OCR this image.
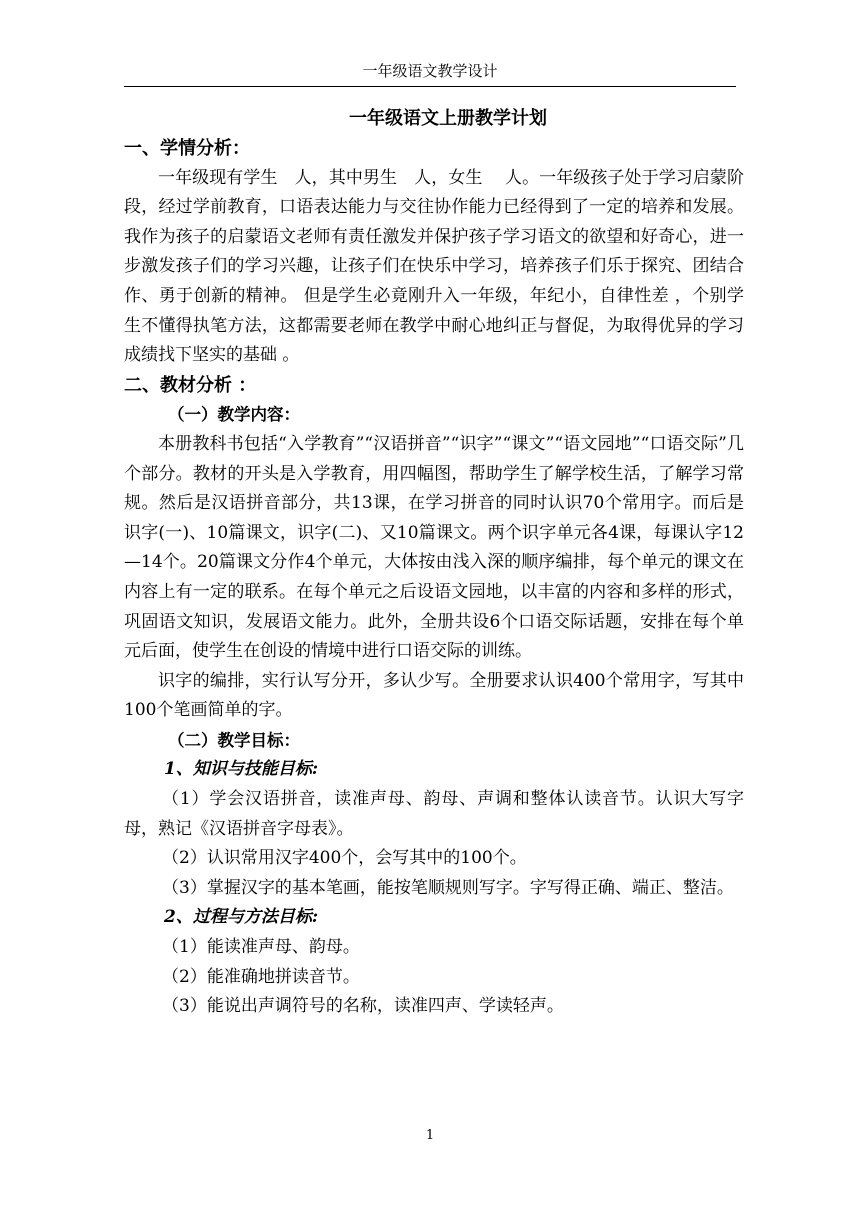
一年级语文教学设计
一年级语文上册教学计划

一、学情分析：

一年级现有学生　人，其中男生　人，女生　 人。一年级孩子处于学习启蒙阶段，经过学前教育，口语表达能力与交往协作能力已经得到了一定的培养和发展。我作为孩子的启蒙语文老师有责任激发并保护孩子学习语文的欲望和好奇心，进一步激发孩子们的学习兴趣，让孩子们在快乐中学习，培养孩子们乐于探究、团结合作、勇于创新的精神。 但是学生必竟刚升入一年级，年纪小，自律性差 ，个别学生不懂得执笔方法，这都需要老师在教学中耐心地纠正与督促，为取得优异的学习成绩找下坚实的基础 。

二、教材分析 ：

（一）教学内容：

本册教科书包括“入学教育”“汉语拼音”“识字”“课文”“语文园地”“口语交际”几个部分。教材的开头是入学教育，用四幅图，帮助学生了解学校生活，了解学习常规。然后是汉语拼音部分，共13课，在学习拼音的同时认识70个常用字。而后是识字(一)、10篇课文，识字(二)、又10篇课文。两个识字单元各4课，每课认字12—14个。20篇课文分作4个单元，大体按由浅入深的顺序编排，每个单元的课文在内容上有一定的联系。在每个单元之后设语文园地，以丰富的内容和多样的形式，巩固语文知识，发展语文能力。此外，全册共设6个口语交际话题，安排在每个单元后面，使学生在创设的情境中进行口语交际的训练。

识字的编排，实行认写分开，多认少写。全册要求认识400个常用字，写其中100个笔画简单的字。

（二）教学目标：

1、知识与技能目标:

（1）学会汉语拼音，读准声母、韵母、声调和整体认读音节。认识大写字母，熟记《汉语拼音字母表》。

（2）认识常用汉字400个，会写其中的100个。

（3）掌握汉字的基本笔画，能按笔顺规则写字。字写得正确、端正、整洁。

2、过程与方法目标:

（1）能读准声母、韵母。

（2）能准确地拼读音节。

（3）能说出声调符号的名称，读准四声、学读轻声。

1
